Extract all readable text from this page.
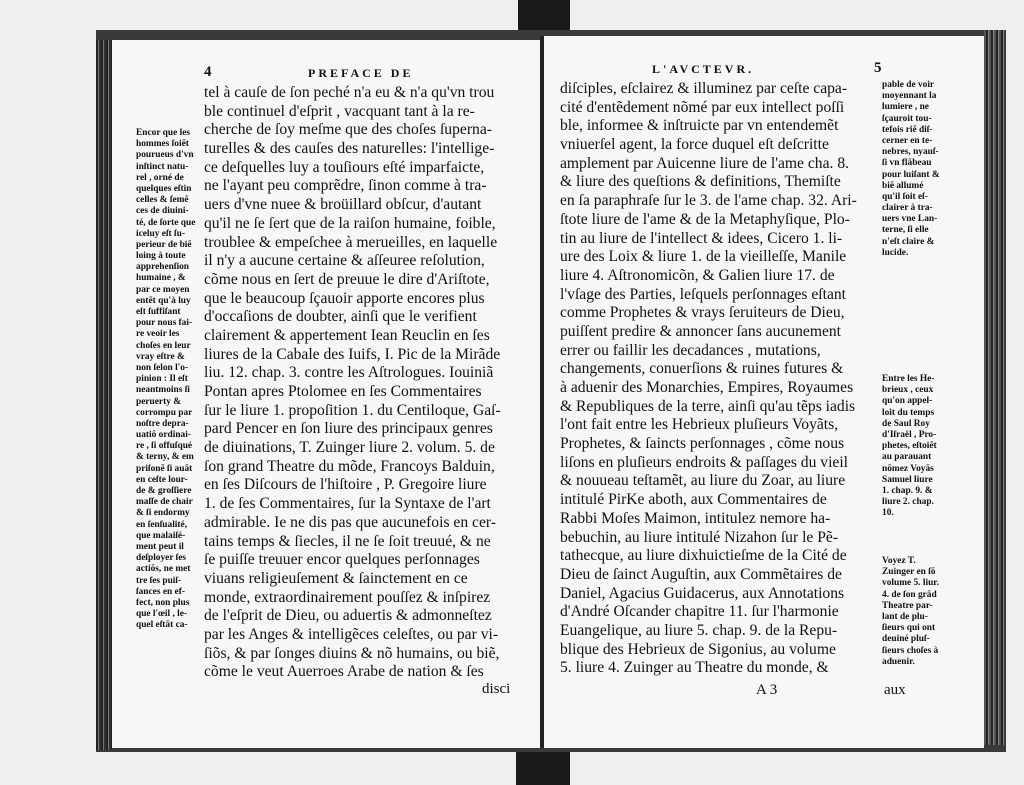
4	PREFACE DE
Encor que les
hommes ſoiẽt
pourueus d'vn
inſtinct natu-
rel , orné de
quelques eſtin
celles & ſemẽ
ces de diuini-
té, de ſorte que
iceluy eſt ſu-
perieur de biẽ
loing à toute
apprehenſion
humaine , &
par ce moyen
entẽt qu'à luy
eſt ſuffiſant
pour nous fai-
re veoir les
choſes en leur
vray eſtre &
non ſelon l'o-
pinion : Il eſt
neantmoins ſi
peruerty &
corrompu par
noſtre depra-
uatiõ ordinai-
re , ſi offuſqué
& terny, & em
priſonẽ ſi auãt
en ceſte lour-
de & groſſiere
maſſe de chair
& ſi endormy
en ſenſualité,
que malaiſé-
ment peut il
deſployer ſes
actiõs, ne met
tre ſes puiſ-
ſances en ef-
fect, non plus
que l'œil , le-
quel eſtãt ca-
tel à cauſe de ſon peché n'a eu & n'a qu'vn trou
ble continuel d'eſprit , vacquant tant à la re-
cherche de ſoy meſme que des choſes ſuperna-
turelles & des cauſes des naturelles: l'intellige-
ce deſquelles luy a touſiours eſté imparfaicte,
ne l'ayant peu comprẽdre, ſinon comme à tra-
uers d'vne nuee & broüillard obſcur, d'autant
qu'il ne ſe ſert que de la raiſon humaine, foible,
troublee & empeſchee à merueilles, en laquelle
il n'y a aucune certaine & aſſeuree reſolution,
cõme nous en ſert de preuue le dire d'Ariſtote,
que le beaucoup ſçauoir apporte encores plus
d'occaſions de doubter, ainſi que le verifient
clairement & appertement Iean Reuclin en ſes
liures de la Cabale des Iuifs, I. Pic de la Mirãde
liu. 12. chap. 3. contre les Aſtrologues. Iouiniã
Pontan apres Ptolomee en ſes Commentaires
ſur le liure 1. propoſition 1. du Centiloque, Gaſ-
pard Pencer en ſon liure des principaux genres
de diuinations, T. Zuinger liure 2. volum. 5. de
ſon grand Theatre du mõde, Francoys Balduin,
en ſes Diſcours de l'hiſtoire , P. Gregoire liure
1. de ſes Commentaires, ſur la Syntaxe de l'art
admirable. Ie ne dis pas que aucunefois en cer-
tains temps & ſiecles, il ne ſe ſoit treuué, & ne
ſe puiſſe treuuer encor quelques perſonnages
viuans religieuſement & ſainctement en ce
monde, extraordinairement pouſſez & inſpirez
de l'eſprit de Dieu, ou aduertis & admonneſtez
par les Anges & intelligẽces celeſtes, ou par vi-
ſiõs, & par ſonges diuins & nõ humains, ou biẽ,
cõme le veut Auerroes Arabe de nation & ſes
disci
L'AVCTEVR.	5
diſciples, eſclairez & illuminez par ceſte capa-
cité d'entẽdement nõmé par eux intellect poſſi
ble, informee & inſtruicte par vn entendemẽt
vniuerſel agent, la force duquel eſt deſcritte
amplement par Auicenne liure de l'ame cha. 8.
& liure des queſtions & definitions, Themiſte
en ſa paraphraſe ſur le 3. de l'ame chap. 32. Ari-
ſtote liure de l'ame & de la Metaphyſique, Plo-
tin au liure de l'intellect & idees, Cicero 1. li-
ure des Loix & liure 1. de la vieilleſſe, Manile
liure 4. Aſtronomicõn, & Galien liure 17. de
l'vſage des Parties, leſquels perſonnages eſtant
comme Prophetes & vrays ſeruiteurs de Dieu,
puiſſent predire & annoncer ſans aucunement
errer ou faillir les decadances , mutations,
changements, conuerſions & ruines futures &
à aduenir des Monarchies, Empires, Royaumes
& Republiques de la terre, ainſi qu'au tẽps iadis
l'ont fait entre les Hebrieux pluſieurs Voyãts,
Prophetes, & ſaincts perſonnages , cõme nous
liſons en pluſieurs endroits & paſſages du vieil
& nouueau teſtamẽt, au liure du Zoar, au liure
intitulé PirKe aboth, aux Commentaires de
Rabbi Moſes Maimon, intitulez nemore ha-
bebuchin, au liure intitulé Nizahon ſur le Pẽ-
tathecque, au liure dixhuictieſme de la Cité de
Dieu de ſainct Auguſtin, aux Commẽtaires de
Daniel, Agacius Guidacerus, aux Annotations
d'André Oſcander chapitre 11. ſur l'harmonie
Euangelique, au liure 5. chap. 9. de la Repu-
blique des Hebrieux de Sigonius, au volume
5. liure 4. Zuinger au Theatre du monde, &
pable de voir
moyennant la
lumiere , ne
ſçauroit tou-
tefois riẽ diſ-
cerner en te-
nebres, nyauſ-
ſi vn flãbeau
pour luiſant &
biẽ allumé
qu'il ſoit eſ-
clairer à tra-
uers vne Lan-
terne, ſi elle
n'eſt claire &
lucide.
Entre les He-
brieux , ceux
qu'on appel-
loit du temps
de Saul Roy
d'Iſraël , Pro-
phetes, eſtoiẽt
au parauant
nõmez Voyãs
Samuel liure
1. chap. 9. &
liure 2. chap.
10.
Voyez T.
Zuinger en ſõ
volume 5. liur.
4. de ſon grãd
Theatre par-
lant de plu-
ſieurs qui ont
deuiné pluſ-
ſieurs choſes à
aduenir.
A 3	aux
